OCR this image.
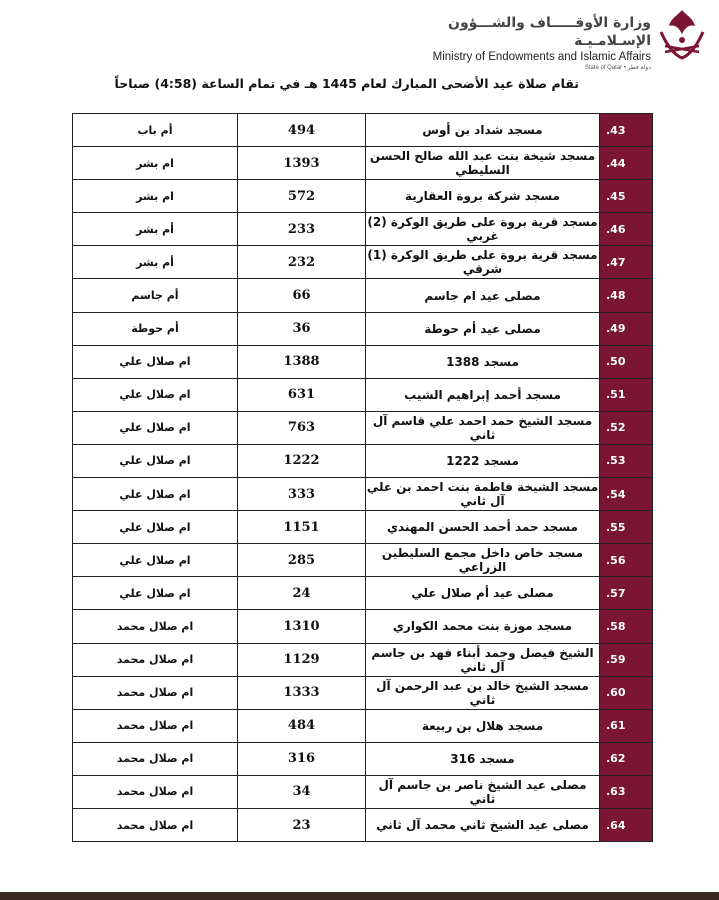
وزارة الأوقـــــاف والشـــؤون الإسـلامـيـة
Ministry of Endowments and Islamic Affairs
State of Qatar • دولة قطر
تقام صلاة عيد الأضحى المبارك لعام 1445 هـ في تمام الساعة (4:58) صباحاً
.43	مسجد شداد بن أوس	494	أم باب
.44	مسجد شيخة بنت عبد الله صالح الحسن السليطي	1393	ام بشر
.45	مسجد شركة بروة العقارية	572	ام بشر
.46	مسجد قرية بروة على طريق الوكرة (2) غربي	233	أم بشر
.47	مسجد قرية بروة على طريق الوكرة (1) شرقي	232	أم بشر
.48	مصلى عيد ام جاسم	66	أم جاسم
.49	مصلى عيد أم حوطة	36	أم حوطة
.50	مسجد 1388	1388	ام صلال علي
.51	مسجد أحمد إبراهيم الشيب	631	ام صلال علي
.52	مسجد الشيخ حمد احمد علي قاسم آل ثاني	763	ام صلال علي
.53	مسجد 1222	1222	ام صلال علي
.54	مسجد الشيخة فاطمة بنت احمد بن علي آل ثاني	333	ام صلال علي
.55	مسجد حمد أحمد الحسن المهندي	1151	ام صلال علي
.56	مسجد خاص داخل مجمع السليطين الزراعي	285	ام صلال علي
.57	مصلى عيد أم صلال علي	24	ام صلال علي
.58	مسجد موزة بنت محمد الكواري	1310	ام صلال محمد
.59	الشيخ فيصل وحمد أبناء فهد بن جاسم آل ثاني	1129	ام صلال محمد
.60	مسجد الشيخ خالد بن عبد الرحمن آل ثاني	1333	ام صلال محمد
.61	مسجد هلال بن ربيعة	484	ام صلال محمد
.62	مسجد 316	316	ام صلال محمد
.63	مصلى عيد الشيخ ناصر بن جاسم آل ثاني	34	ام صلال محمد
.64	مصلى عيد الشيخ ثاني محمد آل ثاني	23	ام صلال محمد
